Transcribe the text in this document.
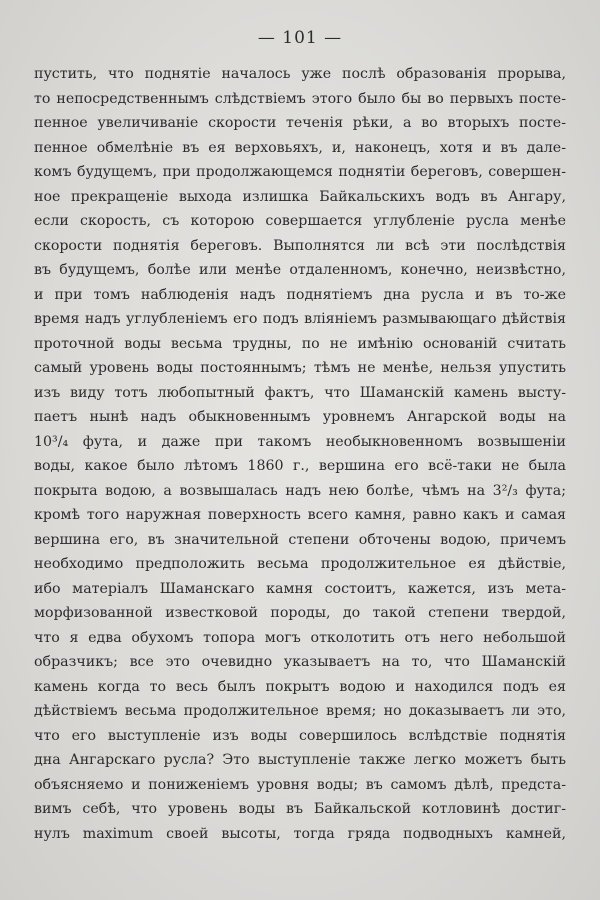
— 101 —
пустить, что поднятіе началось уже послѣ образованія прорыва,
то непосредственнымъ слѣдствіемъ этого было бы во первыхъ посте-
пенное увеличиваніе скорости теченія рѣки, а во вторыхъ посте-
пенное обмелѣніе въ ея верховьяхъ, и, наконецъ, хотя и въ дале-
комъ будущемъ, при продолжающемся поднятіи береговъ, совершен-
ное прекращеніе выхода излишка Байкальскихъ водъ въ Ангару,
если скорость, съ которою совершается углубленіе русла менѣе
скорости поднятія береговъ. Выполнятся ли всѣ эти послѣдствія
въ будущемъ, болѣе или менѣе отдаленномъ, конечно, неизвѣстно,
и при томъ наблюденія надъ поднятіемъ дна русла и въ то-же
время надъ углубленіемъ его подъ вліяніемъ размывающаго дѣйствія
проточной воды весьма трудны, по не имѣнію основаній считать
самый уровень воды постояннымъ; тѣмъ не менѣе, нельзя упустить
изъ виду тотъ любопытный фактъ, что Шаманскій камень высту-
паетъ нынѣ надъ обыкновеннымъ уровнемъ Ангарской воды на
10³/₄ фута, и даже при такомъ необыкновенномъ возвышеніи
воды, какое было лѣтомъ 1860 г., вершина его всё-таки не была
покрыта водою, а возвышалась надъ нею болѣе, чѣмъ на 3²/₃ фута;
кромѣ того наружная поверхность всего камня, равно какъ и самая
вершина его, въ значительной степени обточены водою, причемъ
необходимо предположить весьма продолжительное ея дѣйствіе,
ибо матеріалъ Шаманскаго камня состоитъ, кажется, изъ мета-
морфизованной известковой породы, до такой степени твердой,
что я едва обухомъ топора могъ отколотить отъ него небольшой
образчикъ; все это очевидно указываетъ на то, что Шаманскій
камень когда то весь былъ покрытъ водою и находился подъ ея
дѣйствіемъ весьма продолжительное время; но доказываетъ ли это,
что его выступленіе изъ воды совершилось вслѣдствіе поднятія
дна Ангарскаго русла? Это выступленіе также легко можетъ быть
объясняемо и пониженіемъ уровня воды; въ самомъ дѣлѣ, предста-
вимъ себѣ, что уровень воды въ Байкальской котловинѣ достиг-
нулъ maximum своей высоты, тогда гряда подводныхъ камней,
